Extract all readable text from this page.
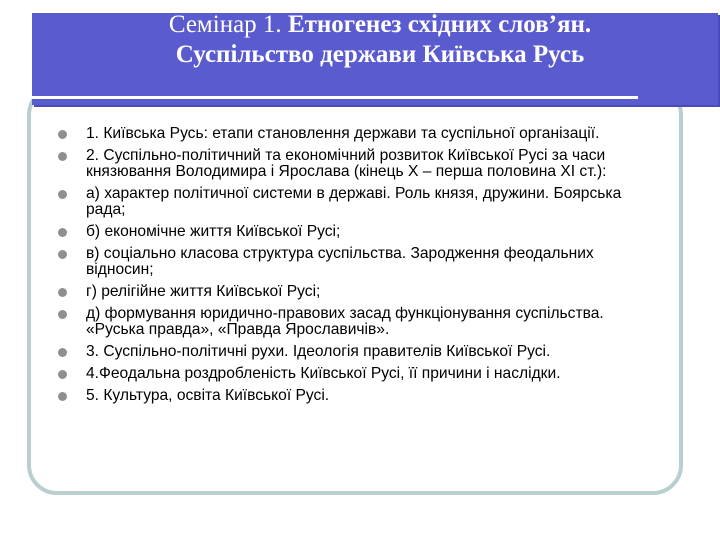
Семінар 1. Етногенез східних слов’ян.
Суспільство держави Київська Русь
1. Київська Русь: етапи становлення держави та суспільної організації.
2. Суспільно-політичний та економічний розвиток Київської Русі за часи князювання Володимира і Ярослава (кінець X – перша половина XI ст.):
а) характер політичної системи в державі. Роль князя, дружини. Боярська рада;
б) економічне життя Київської Русі;
в) соціально класова структура суспільства. Зародження феодальних відносин;
г) релігійне життя Київської Русі;
д) формування юридично-правових засад функціонування суспільства. «Руська правда», «Правда Ярославичів».
3. Суспільно-політичні рухи. Ідеологія правителів Київської Русі.
4.Феодальна роздробленість Київської Русі, її причини і наслідки.
5. Культура, освіта Київської Русі.
